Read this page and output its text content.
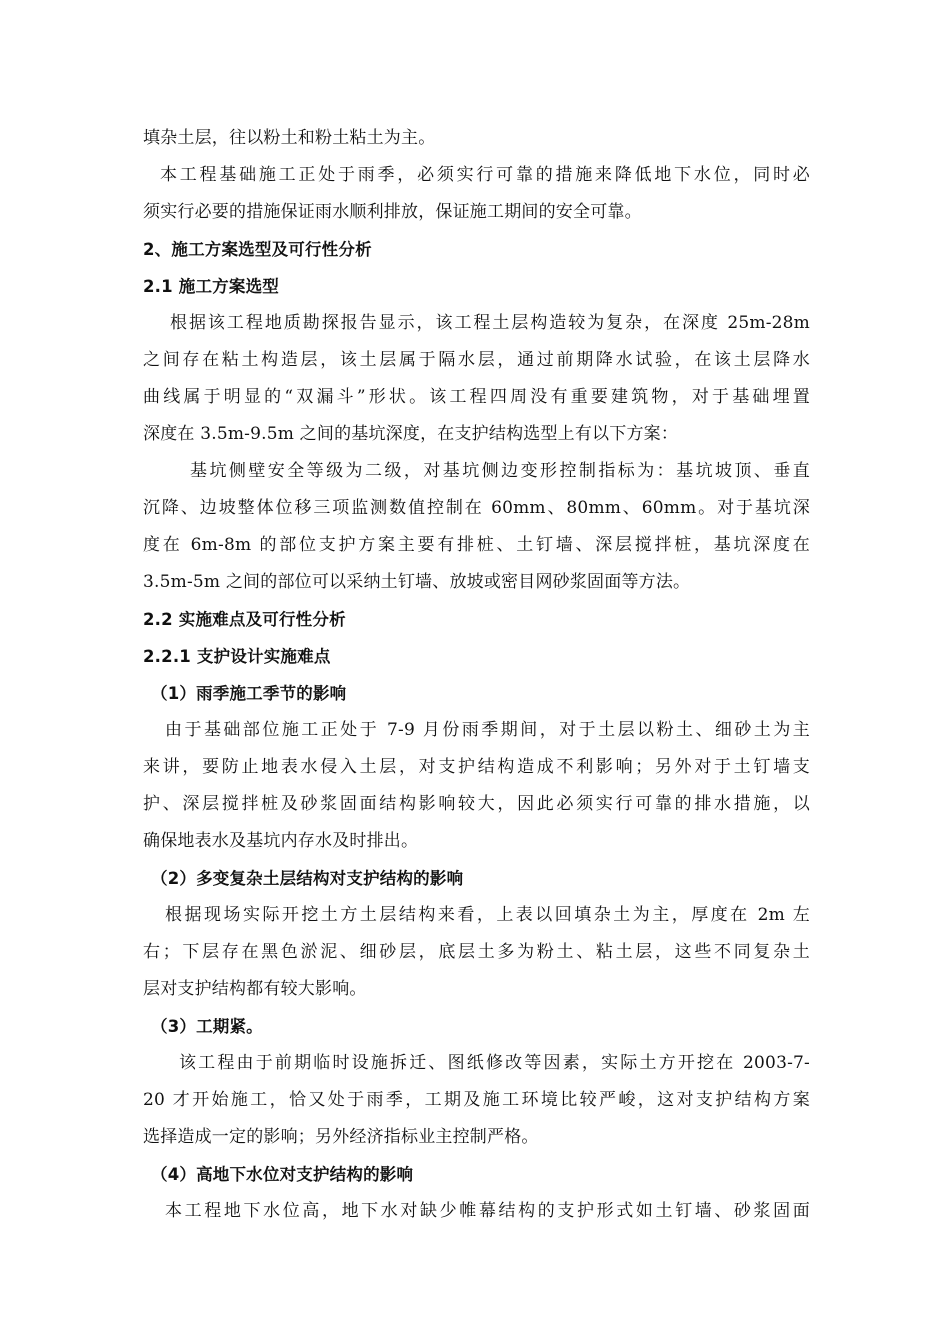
填杂土层，往以粉土和粉土粘土为主。
本工程基础施工正处于雨季，必须实行可靠的措施来降低地下水位，同时必
须实行必要的措施保证雨水顺利排放，保证施工期间的安全可靠。
2、施工方案选型及可行性分析
2.1 施工方案选型
根据该工程地质勘探报告显示，该工程土层构造较为复杂，在深度 25m-28m
之间存在粘土构造层，该土层属于隔水层，通过前期降水试验，在该土层降水
曲线属于明显的“双漏斗”形状。该工程四周没有重要建筑物，对于基础埋置
深度在 3.5m-9.5m 之间的基坑深度，在支护结构选型上有以下方案：
基坑侧壁安全等级为二级，对基坑侧边变形控制指标为：基坑坡顶、垂直
沉降、边坡整体位移三项监测数值控制在 60mm、80mm、60mm。对于基坑深
度在 6m-8m 的部位支护方案主要有排桩、土钉墙、深层搅拌桩，基坑深度在
3.5m-5m 之间的部位可以采纳土钉墙、放坡或密目网砂浆固面等方法。
2.2 实施难点及可行性分析
2.2.1 支护设计实施难点
（1）雨季施工季节的影响
由于基础部位施工正处于 7-9 月份雨季期间，对于土层以粉土、细砂土为主
来讲，要防止地表水侵入土层，对支护结构造成不利影响；另外对于土钉墙支
护、深层搅拌桩及砂浆固面结构影响较大，因此必须实行可靠的排水措施，以
确保地表水及基坑内存水及时排出。
（2）多变复杂土层结构对支护结构的影响
根据现场实际开挖土方土层结构来看，上表以回填杂土为主，厚度在 2m 左
右；下层存在黑色淤泥、细砂层，底层土多为粉土、粘土层，这些不同复杂土
层对支护结构都有较大影响。
（3）工期紧。
该工程由于前期临时设施拆迁、图纸修改等因素，实际土方开挖在 2003-7-
20 才开始施工，恰又处于雨季，工期及施工环境比较严峻，这对支护结构方案
选择造成一定的影响；另外经济指标业主控制严格。
（4）高地下水位对支护结构的影响
本工程地下水位高，地下水对缺少帷幕结构的支护形式如土钉墙、砂浆固面
